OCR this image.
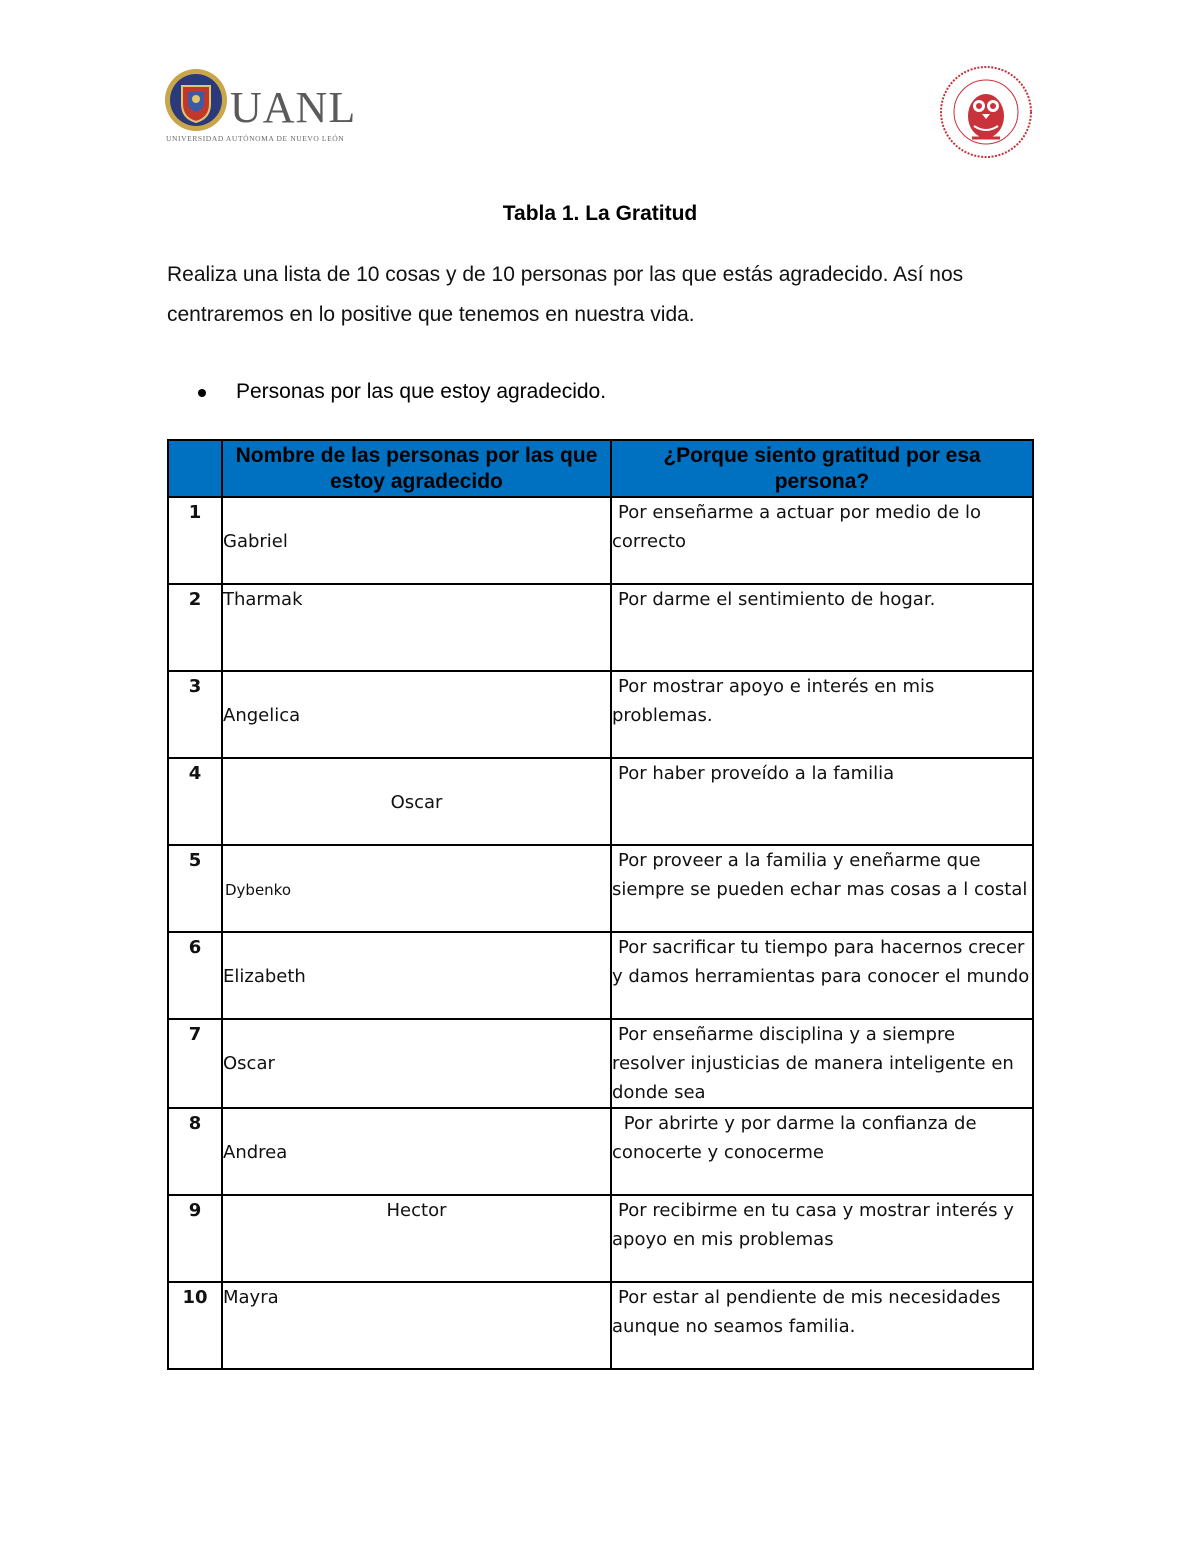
UANL
UNIVERSIDAD AUTÓNOMA DE NUEVO LEÓN
Tabla 1. La Gratitud
Realiza una lista de 10 cosas y de 10 personas por las que estás agradecido. Así nos centraremos en lo positive que tenemos en nuestra vida.
Personas por las que estoy agradecido.
	Nombre de las personas por las que estoy agradecido	¿Porque siento gratitud por esa persona?
1	Gabriel	Por enseñarme a actuar por medio de lo correcto

2	Tharmak	Por darme el sentimiento de hogar.

3	Angelica	Por mostrar apoyo e interés en mis problemas.

4	Oscar	Por haber proveído a la familia

5	Dybenko	Por proveer a la familia y eneñarme que siempre se pueden echar mas cosas a l costal

6	Elizabeth	Por sacrificar tu tiempo para hacernos crecer y damos herramientas para conocer el mundo

7	Oscar	Por enseñarme disciplina y a siempre resolver injusticias de manera inteligente en donde sea

8	Andrea	Por abrirte y por darme la confianza de conocerte y conocerme

9	Hector	Por recibirme en tu casa y mostrar interés y apoyo en mis problemas

10	Mayra	Por estar al pendiente de mis necesidades aunque no seamos familia.
